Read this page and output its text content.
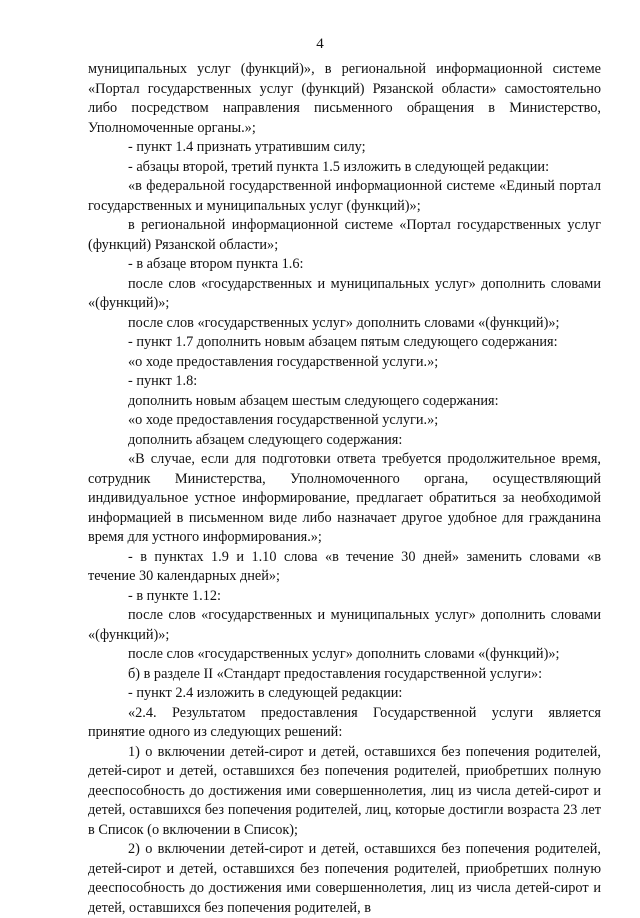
4

муниципальных услуг (функций)», в региональной информационной системе «Портал государственных услуг (функций) Рязанской области» самостоятельно либо посредством направления письменного обращения в Министерство, Уполномоченные органы.»;

- пункт 1.4 признать утратившим силу;

- абзацы второй, третий пункта 1.5 изложить в следующей редакции:

«в федеральной государственной информационной системе «Единый портал государственных и муниципальных услуг (функций)»;

в региональной информационной системе «Портал государственных услуг (функций) Рязанской области»;

- в абзаце втором пункта 1.6:

после слов «государственных и муниципальных услуг» дополнить словами «(функций)»;

после слов «государственных услуг» дополнить словами «(функций)»;

- пункт 1.7 дополнить новым абзацем пятым следующего содержания:

«о ходе предоставления государственной услуги.»;

- пункт 1.8:

дополнить новым абзацем шестым следующего содержания:

«о ходе предоставления государственной услуги.»;

дополнить абзацем следующего содержания:

«В случае, если для подготовки ответа требуется продолжительное время, сотрудник Министерства, Уполномоченного органа, осуществляющий индивидуальное устное информирование, предлагает обратиться за необходимой информацией в письменном виде либо назначает другое удобное для гражданина время для устного информирования.»;

- в пунктах 1.9 и 1.10 слова «в течение 30 дней» заменить словами «в течение 30 календарных дней»;

- в пункте 1.12:

после слов «государственных и муниципальных услуг» дополнить словами «(функций)»;

после слов «государственных услуг» дополнить словами «(функций)»;

б) в разделе II «Стандарт предоставления государственной услуги»:

- пункт 2.4 изложить в следующей редакции:

«2.4. Результатом предоставления Государственной услуги является принятие одного из следующих решений:

1) о включении детей-сирот и детей, оставшихся без попечения родителей, детей-сирот и детей, оставшихся без попечения родителей, приобретших полную дееспособность до достижения ими совершеннолетия, лиц из числа детей-сирот и детей, оставшихся без попечения родителей, лиц, которые достигли возраста 23 лет в Список (о включении в Список);

2) о включении детей-сирот и детей, оставшихся без попечения родителей, детей-сирот и детей, оставшихся без попечения родителей, приобретших полную дееспособность до достижения ими совершеннолетия, лиц из числа детей-сирот и детей, оставшихся без попечения родителей, в
